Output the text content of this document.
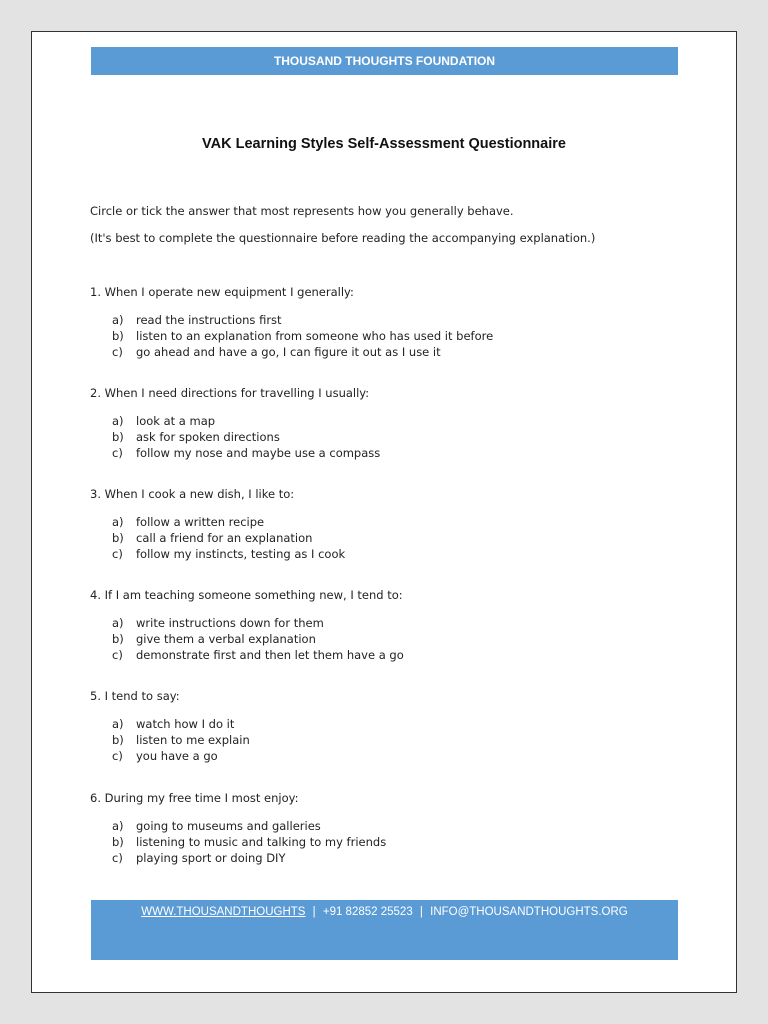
THOUSAND THOUGHTS FOUNDATION
VAK Learning Styles Self-Assessment Questionnaire
Circle or tick the answer that most represents how you generally behave.
(It's best to complete the questionnaire before reading the accompanying explanation.)

1. When I operate new equipment I generally:

a)	read the instructions first
b)	listen to an explanation from someone who has used it before
c)	go ahead and have a go, I can figure it out as I use it

2. When I need directions for travelling I usually:

a)	look at a map
b)	ask for spoken directions
c)	follow my nose and maybe use a compass

3. When I cook a new dish, I like to:

a)	follow a written recipe
b)	call a friend for an explanation
c)	follow my instincts, testing as I cook

4. If I am teaching someone something new, I tend to:

a)	write instructions down for them
b)	give them a verbal explanation
c)	demonstrate first and then let them have a go

5. I tend to say:

a)	watch how I do it
b)	listen to me explain
c)	you have a go

6. During my free time I most enjoy:

a)	going to museums and galleries
b)	listening to music and talking to my friends
c)	playing sport or doing DIY
WWW.THOUSANDTHOUGHTS | +91 82852 25523 | INFO@THOUSANDTHOUGHTS.ORG
